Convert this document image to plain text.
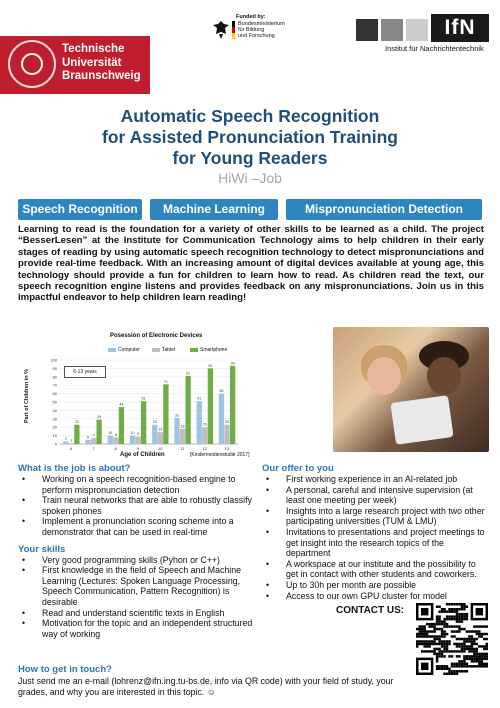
Technische
Universität
Braunschweig
Funded by:
Bundesministerium
für Bildung
und Forschung	IfN
Institut für Nachrichtentechnik
Automatic Speech Recognition
for Assisted Pronunciation Training
for Young Readers
HiWi –Job
Speech Recognition	Machine Learning	Mispronunciation Detection
Learning to read is the foundation for a variety of other skills to be learned as a child. The project “BesserLesen” at the Institute for Communication Technology aims to help children in their early stages of reading by using automatic speech recognition technology to detect mispronunciations and provide real-time feedback. With an increasing amount of digital devices available at young age, this technology should provide a fun for children to learn how to read. As children read the text, our speech recognition engine listens and provides feedback on any mispronunciations. Join us in this impactful endeavor to help children learn reading!
Posession of Electronic Devices
Computer	Tablet	Smartphone
Part of Children in %
0
10
20
30
40
50
60
70
80
90
100
3 1
23
6
5 7
29
7
10 8
44
8
10 9
51
9
23
14
71
10
31
18
81
11
51
20
90
12
60
23
93
13
6-13 years
Age of Children	[Kindermedienstudie 2017]
What is the job is about?
• Working on a speech recognition-based engine to perform mispronunciation detection
• Train neural networks that are able to robustly classify spoken phones
• Implement a pronunciation scoring scheme into a demonstrator that can be used in real-time
Your skills
• Very good programming skills (Pyhon or C++)
• First knowledge in the field of Speech and Machine Learning (Lectures: Spoken Language Processing, Speech Communication, Pattern Recognition) is desirable
• Read and understand scientific texts in English
• Motivation for the topic and an independent structured way of working
Our offer to you
• First working experience in an AI-related job
• A personal, careful and intensive supervision (at least one meeting per week)
• Insights into a large research project with two other participating universities (TUM & LMU)
• Invitations to presentations and project meetings to get insight into the research topics of the department
• A workspace at our institute and the possibility to get in contact with other students and coworkers.
• Up to 30h per month are possible
• Access to our own GPU cluster for model
CONTACT US:
How to get in touch?
Just send me an e-mail (lohrenz@ifn.ing.tu-bs.de, info via QR code) with your field of study, your grades, and why you are interested in this topic. ☺
